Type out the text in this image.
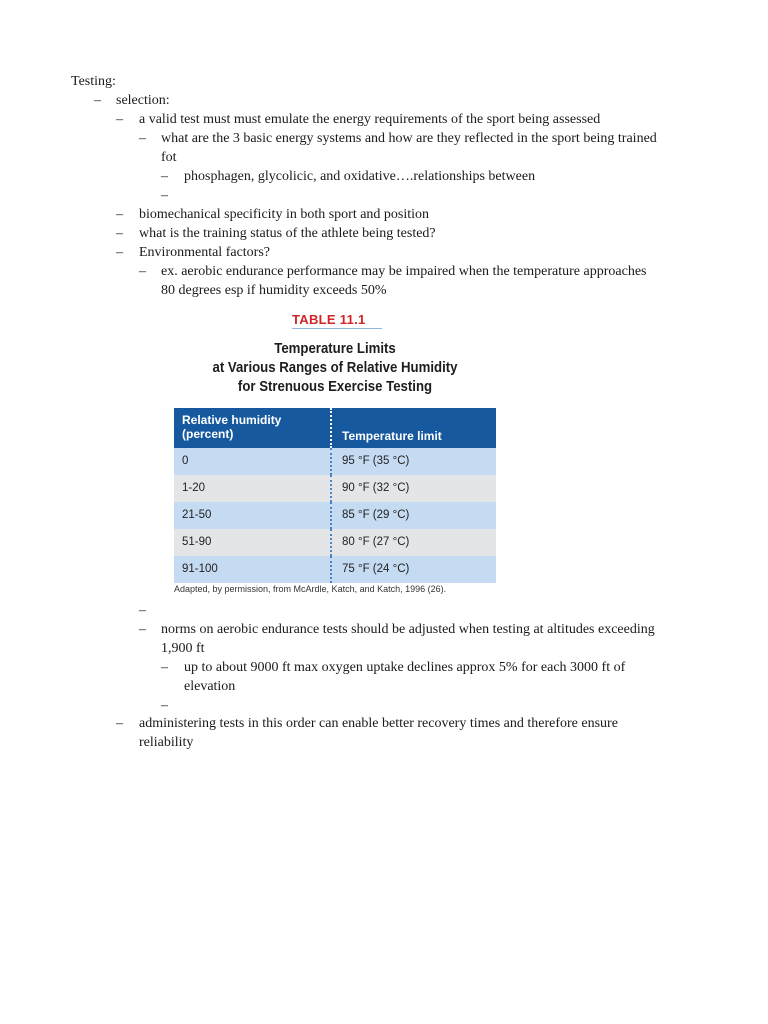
Testing:
– selection:
– a valid test must must emulate the energy requirements of the sport being assessed
– what are the 3 basic energy systems and how are they reflected in the sport being trained
fot
– phosphagen, glycolicic, and oxidative….relationships between
–
– biomechanical specificity in both sport and position
– what is the training status of the athlete being tested?
– Environmental factors?
– ex. aerobic endurance performance may be impaired when the temperature approaches
80 degrees esp if humidity exceeds 50%
TABLE 11.1
Temperature Limits
at Various Ranges of Relative Humidity
for Strenuous Exercise Testing
Relative humidity
(percent)	Temperature limit
0	95 °F (35 °C)
1-20	90 °F (32 °C)
21-50	85 °F (29 °C)
51-90	80 °F (27 °C)
91-100	75 °F (24 °C)
Adapted, by permission, from McArdle, Katch, and Katch, 1996 (26).
–
– norms on aerobic endurance tests should be adjusted when testing at altitudes exceeding
1,900 ft
– up to about 9000 ft max oxygen uptake declines approx 5% for each 3000 ft of
elevation
–
– administering tests in this order can enable better recovery times and therefore ensure
reliability
